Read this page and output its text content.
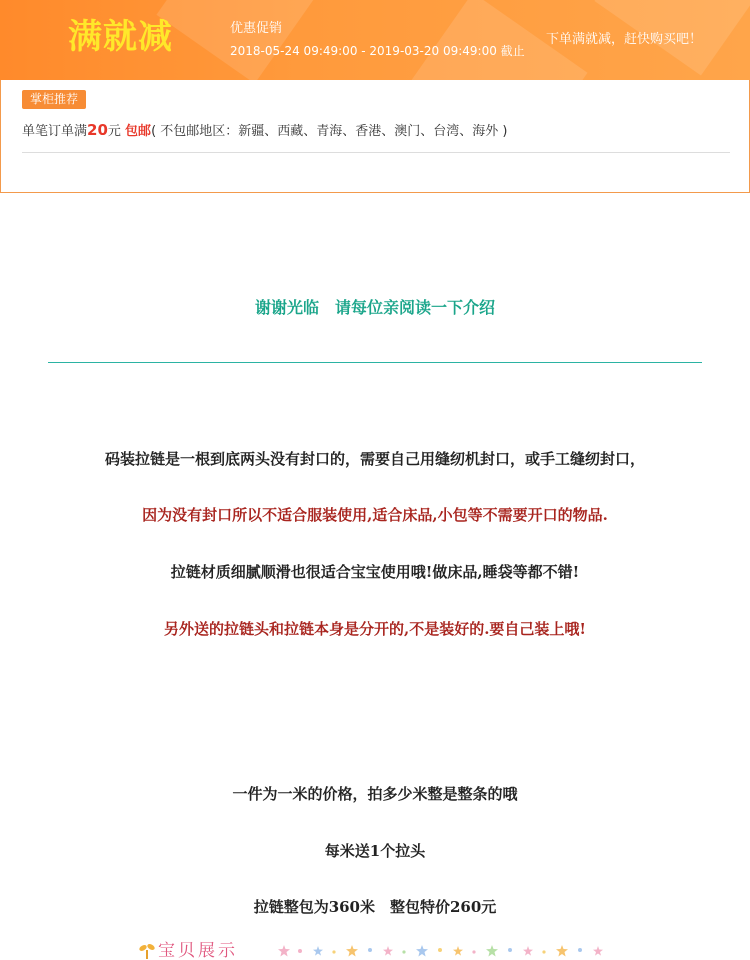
满就减	优惠促销
2018-05-24 09:49:00 - 2019-03-20 09:49:00 截止
下单满就减，赶快购买吧！
掌柜推荐
单笔订单满20元 包邮( 不包邮地区：新疆、西藏、青海、香港、澳门、台湾、海外 )
谢谢光临　请每位亲阅读一下介绍
码装拉链是一根到底两头没有封口的，需要自己用缝纫机封口，或手工缝纫封口，
因为没有封口所以不适合服装使用,适合床品,小包等不需要开口的物品.
拉链材质细腻顺滑也很适合宝宝使用哦!做床品,睡袋等都不错!
另外送的拉链头和拉链本身是分开的,不是装好的.要自己装上哦!
一件为一米的价格，拍多少米整是整条的哦
每米送1个拉头
拉链整包为360米　整包特价260元
宝贝展示
